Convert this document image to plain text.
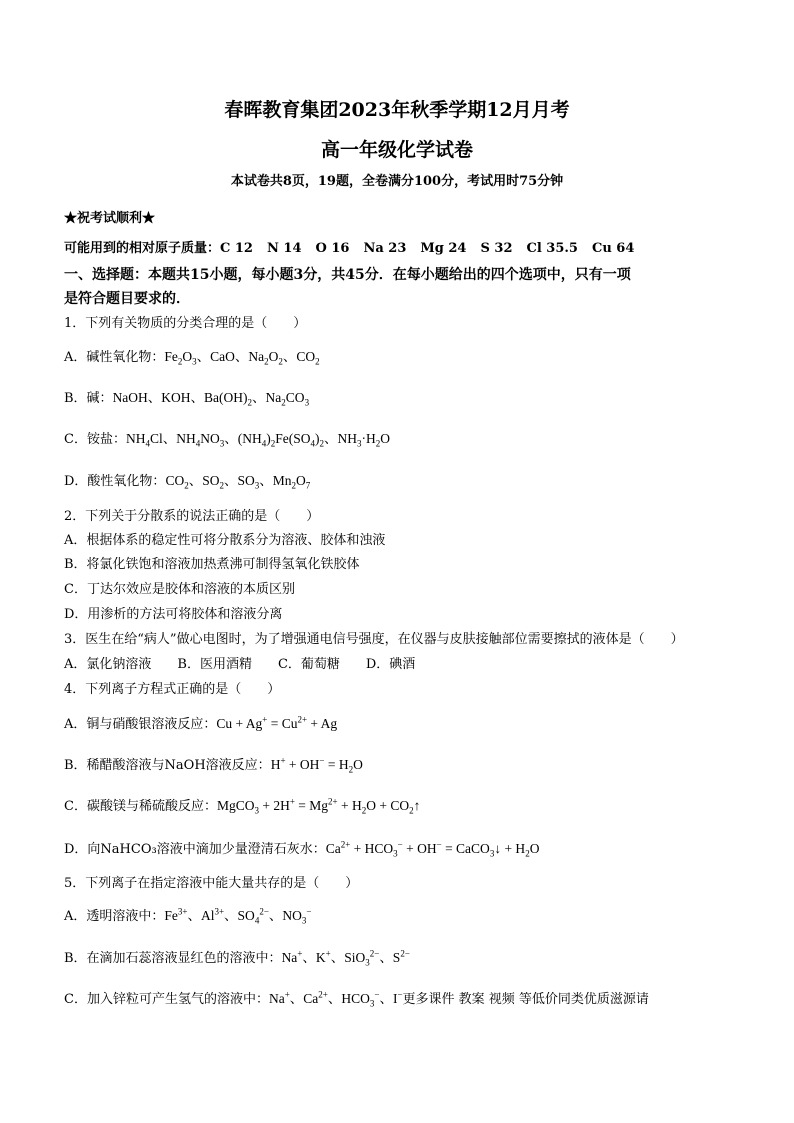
春晖教育集团2023年秋季学期12月月考
高一年级化学试卷
本试卷共8页，19题，全卷满分100分，考试用时75分钟
★祝考试顺利★
可能用到的相对原子质量：C 12 N 14 O 16 Na 23 Mg 24 S 32 Cl 35.5 Cu 64
一、选择题：本题共15小题，每小题3分，共45分．在每小题给出的四个选项中，只有一项
是符合题目要求的．
1．下列有关物质的分类合理的是（　　）
A．碱性氧化物：$Fe_2O_3$、CaO、$Na_2O_2$、$CO_2$
B．碱：NaOH、KOH、$Ba(OH)_2$、$Na_2CO_3$
C．铵盐：$NH_4Cl$、$NH_4NO_3$、$(NH_4)_2Fe(SO_4)_2$、$NH_3\cdot H_2O$
D．酸性氧化物：$CO_2$、$SO_2$、$SO_3$、$Mn_2O_7$
2．下列关于分散系的说法正确的是（　　）
A．根据体系的稳定性可将分散系分为溶液、胶体和浊液
B．将氯化铁饱和溶液加热煮沸可制得氢氧化铁胶体
C．丁达尔效应是胶体和溶液的本质区别
D．用渗析的方法可将胶体和溶液分离
3．医生在给“病人”做心电图时，为了增强通电信号强度，在仪器与皮肤接触部位需要擦拭的液体是（　　）
A．氯化钠溶液　　B．医用酒精　　C．葡萄糖　　D．碘酒
4．下列离子方程式正确的是（　　）
A．铜与硝酸银溶液反应：$Cu + Ag^+ = Cu^{2+} + Ag$
B．稀醋酸溶液与NaOH溶液反应：$H^+ + OH^- = H_2O$
C．碳酸镁与稀硫酸反应：MgCO$_3$ + $2H^+ = Mg^{2+} + H_2O$ + $CO_2↑$
D．向NaHCO₃溶液中滴加少量澄清石灰水：$Ca^{2+} + HCO_3^- + OH^-$ = CaCO$_3$↓ + $H_2O$
5．下列离子在指定溶液中能大量共存的是（　　）
A．透明溶液中：$Fe^{3+}$、$Al^{3+}$、$SO_4^{2-}$、$NO_3^-$
B．在滴加石蕊溶液显红色的溶液中：Na+、K+、SiO$_3^{2-}$、$S^{2-}$
C．加入锌粒可产生氢气的溶液中：Na+、$Ca^{2+}$、$HCO_3^-$、I−更多课件 教案 视频 等低价同类优质滋源请
